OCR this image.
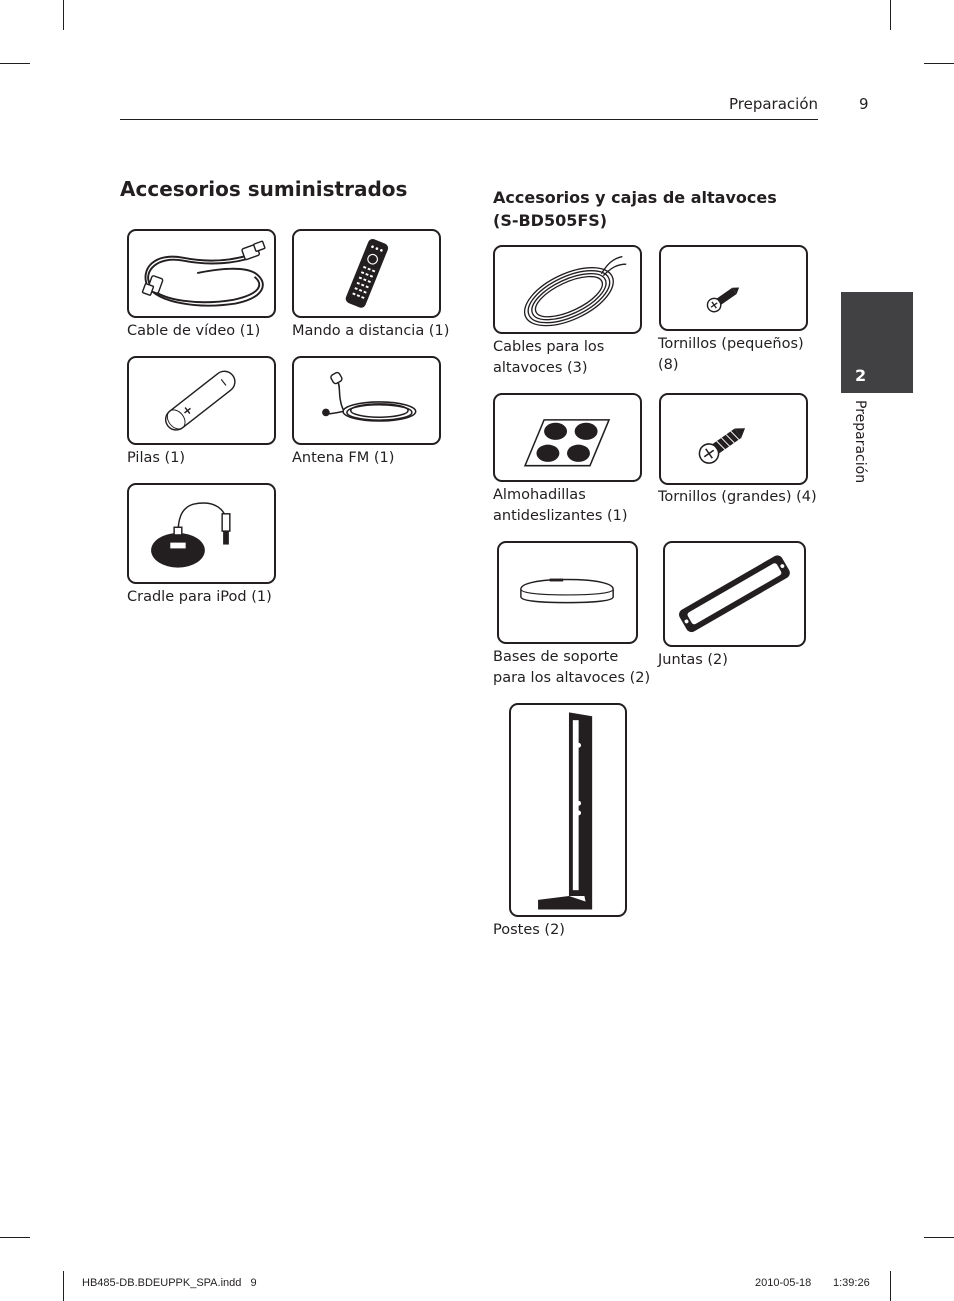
Preparación	9
Accesorios suministrados	Accesorios y cajas de altavoces
(S-BD505FS)
Cable de vídeo (1) Mando a distancia (1)
Pilas (1)	Antena FM (1)
Cradle para iPod (1)
Cables para los
altavoces (3)
Tornillos (pequeños)
(8)
Almohadillas
antideslizantes (1)
Tornillos (grandes) (4)
Bases de soporte
para los altavoces (2)
Juntas (2)
Postes (2)
2
Preparación
HB485-DB.BDEUPPK_SPA.indd   9	2010-05-18 1:39:26
